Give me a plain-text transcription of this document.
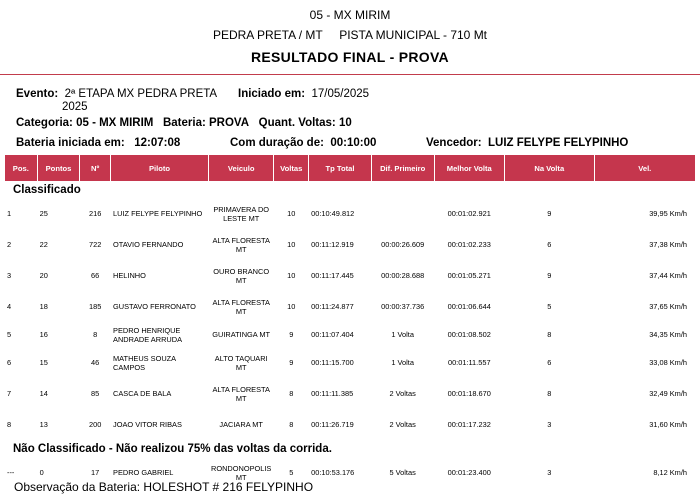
05 - MX MIRIM
PEDRA PRETA / MT     PISTA MUNICIPAL - 710 Mt
RESULTADO FINAL - PROVA
Evento: 2ª ETAPA MX PEDRA PRETA
2025
Iniciado em: 17/05/2025
Categoria: 05 - MX MIRIM Bateria: PROVA Quant. Voltas: 10
Bateria iniciada em: 12:07:08	Com duração de: 00:10:00	Vencedor: LUIZ FELYPE FELYPINHO
Pos.	Pontos	Nº	Piloto	Veiculo	Voltas	Tp Total	Dif. Primeiro	Melhor Volta	Na Volta	Vel.
Classificado										
1	25	216	LUIZ FELYPE FELYPINHO	PRIMAVERA DO LESTE MT	10	00:10:49.812		00:01:02.921	9	39,95 Km/h
2	22	722	OTAVIO FERNANDO	ALTA FLORESTA MT	10	00:11:12.919	00:00:26.609	00:01:02.233	6	37,38 Km/h
3	20	66	HELINHO	OURO BRANCO MT	10	00:11:17.445	00:00:28.688	00:01:05.271	9	37,44 Km/h
4	18	185	GUSTAVO FERRONATO	ALTA FLORESTA MT	10	00:11:24.877	00:00:37.736	00:01:06.644	5	37,65 Km/h
5	16	8	PEDRO HENRIQUE ANDRADE ARRUDA	GUIRATINGA MT	9	00:11:07.404	1 Volta	00:01:08.502	8	34,35 Km/h
6	15	46	MATHEUS SOUZA CAMPOS	ALTO TAQUARI MT	9	00:11:15.700	1 Volta	00:01:11.557	6	33,08 Km/h
7	14	85	CASCA DE BALA	ALTA FLORESTA MT	8	00:11:11.385	2 Voltas	00:01:18.670	8	32,49 Km/h
8	13	200	JOAO VITOR RIBAS	JACIARA MT	8	00:11:26.719	2 Voltas	00:01:17.232	3	31,60 Km/h
Não Classificado - Não realizou 75% das voltas da corrida.										
---	0	17	PEDRO GABRIEL	RONDONOPOLIS MT	5	00:10:53.176	5 Voltas	00:01:23.400	3	8,12 Km/h
Observação da Bateria: HOLESHOT # 216 FELYPINHO
